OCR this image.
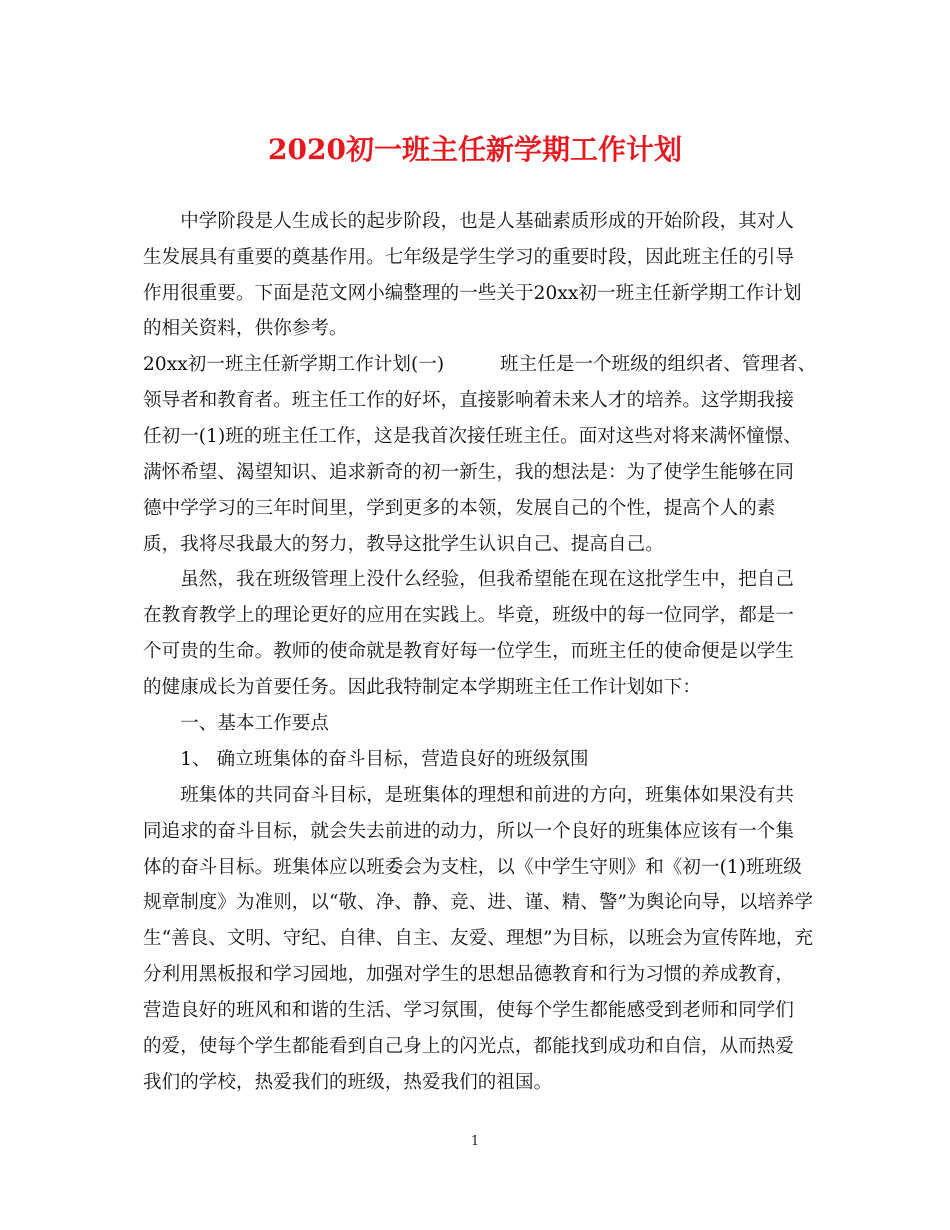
2020初一班主任新学期工作计划
　　中学阶段是人生成长的起步阶段，也是人基础素质形成的开始阶段，其对人
生发展具有重要的奠基作用。七年级是学生学习的重要时段，因此班主任的引导
作用很重要。下面是范文网小编整理的一些关于20xx初一班主任新学期工作计划
的相关资料，供你参考。
20xx初一班主任新学期工作计划(一)　　　班主任是一个班级的组织者、管理者、
领导者和教育者。班主任工作的好坏，直接影响着未来人才的培养。这学期我接
任初一(1)班的班主任工作，这是我首次接任班主任。面对这些对将来满怀憧憬、
满怀希望、渴望知识、追求新奇的初一新生，我的想法是：为了使学生能够在同
德中学学习的三年时间里，学到更多的本领，发展自己的个性，提高个人的素
质，我将尽我最大的努力，教导这批学生认识自己、提高自己。
　　虽然，我在班级管理上没什么经验，但我希望能在现在这批学生中，把自己
在教育教学上的理论更好的应用在实践上。毕竟，班级中的每一位同学，都是一
个可贵的生命。教师的使命就是教育好每一位学生，而班主任的使命便是以学生
的健康成长为首要任务。因此我特制定本学期班主任工作计划如下：
　　一、基本工作要点
　　1、 确立班集体的奋斗目标，营造良好的班级氛围
　　班集体的共同奋斗目标，是班集体的理想和前进的方向，班集体如果没有共
同追求的奋斗目标，就会失去前进的动力，所以一个良好的班集体应该有一个集
体的奋斗目标。班集体应以班委会为支柱，以《中学生守则》和《初一(1)班班级
规章制度》为准则，以“敬、净、静、竞、进、谨、精、警”为舆论向导，以培养学
生“善良、文明、守纪、自律、自主、友爱、理想”为目标，以班会为宣传阵地，充
分利用黑板报和学习园地，加强对学生的思想品德教育和行为习惯的养成教育，
营造良好的班风和和谐的生活、学习氛围，使每个学生都能感受到老师和同学们
的爱，使每个学生都能看到自己身上的闪光点，都能找到成功和自信，从而热爱
我们的学校，热爱我们的班级，热爱我们的祖国。
1
